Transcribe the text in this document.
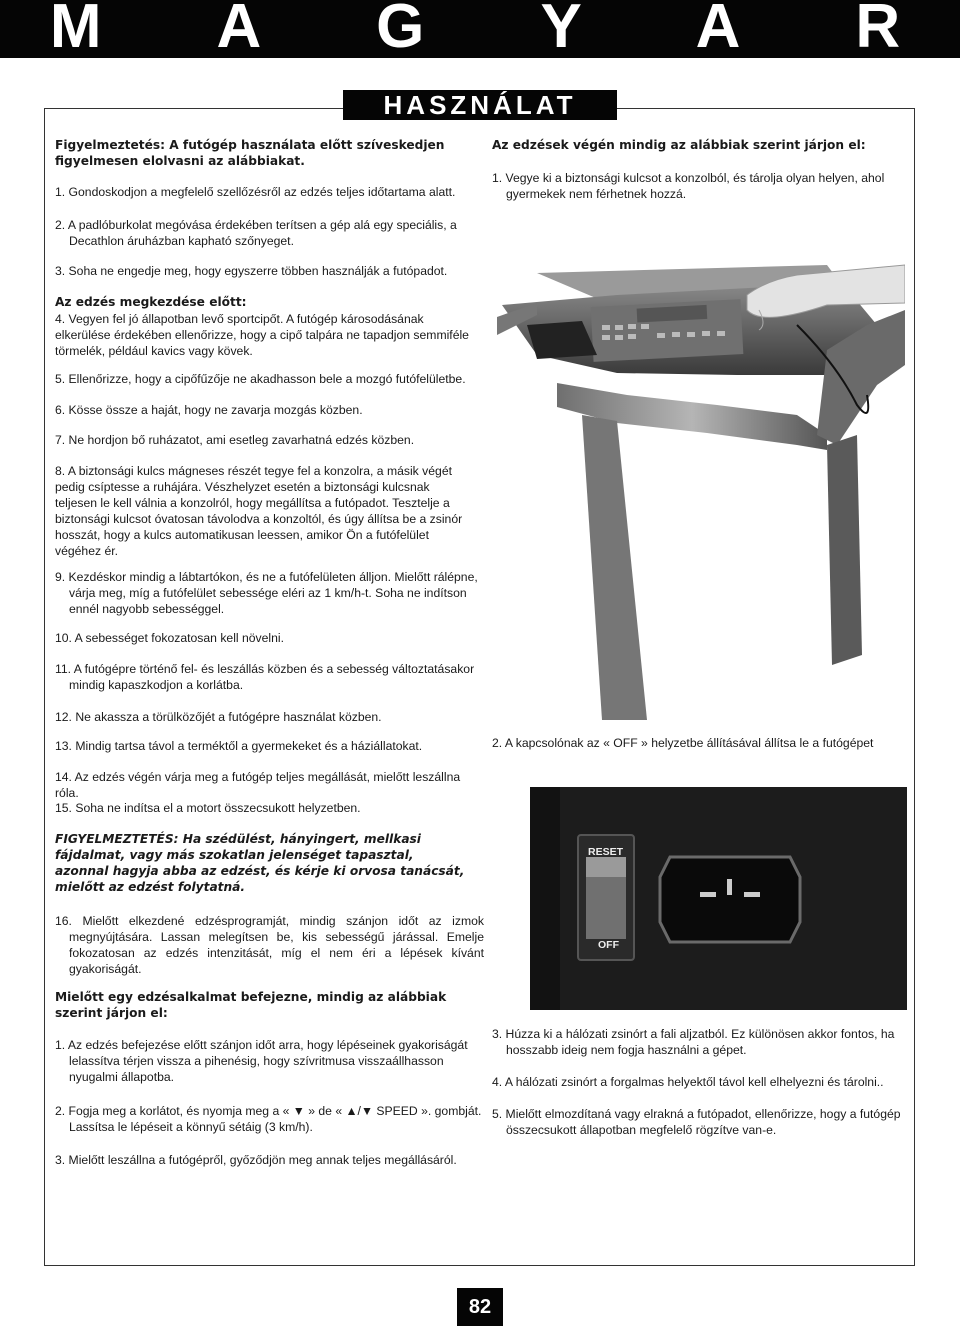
M A G Y A R
HASZNÁLAT
Figyelmeztetés: A futógép használata előtt szíveskedjen figyelmesen elolvasni az alábbiakat.
1. Gondoskodjon a megfelelő szellőzésről az edzés teljes időtartama alatt.
2. A padlóburkolat megóvása érdekében terítsen a gép alá egy speciális, a Decathlon áruházban kapható szőnyeget.
3. Soha ne engedje meg, hogy egyszerre többen használják a futópadot.
Az edzés megkezdése előtt:
4. Vegyen fel jó állapotban levő sportcipőt. A futógép károsodásának elkerülése érdekében ellenőrizze, hogy a cipő talpára ne tapadjon semmiféle törmelék, például kavics vagy kövek.
5. Ellenőrizze, hogy a cipőfűzője ne akadhasson bele a mozgó futófelületbe.
6. Kösse össze a haját, hogy ne zavarja mozgás közben.
7. Ne hordjon bő ruházatot, ami esetleg zavarhatná edzés közben.
8. A biztonsági kulcs mágneses részét tegye fel a konzolra, a másik végét pedig csíptesse a ruhájára. Vészhelyzet esetén a biztonsági kulcsnak teljesen le kell válnia a konzolról, hogy megállítsa a futópadot. Tesztelje a biztonsági kulcsot óvatosan távolodva a konzoltól, és úgy állítsa be a zsinór hosszát, hogy a kulcs automatikusan leessen, amikor Ön a futófelület végéhez ér.
9. Kezdéskor mindig a lábtartókon, és ne a futófelületen álljon. Mielőtt rálépne, várja meg, míg a futófelület sebessége eléri az 1 km/h-t. Soha ne indítson ennél nagyobb sebességgel.
10. A sebességet fokozatosan kell növelni.
11. A futógépre történő fel- és leszállás közben és a sebesség változtatásakor mindig kapaszkodjon a korlátba.
12. Ne akassza a törülközőjét a futógépre használat közben.
13. Mindig tartsa távol a terméktől a gyermekeket és a háziállatokat.
14. Az edzés végén várja meg a futógép teljes megállását, mielőtt leszállna róla.
15. Soha ne indítsa el a motort összecsukott helyzetben.
FIGYELMEZTETÉS: Ha szédülést, hányingert, mellkasi fájdalmat, vagy más szokatlan jelenséget tapasztal, azonnal hagyja abba az edzést, és kérje ki orvosa tanácsát, mielőtt az edzést folytatná.
16. Mielőtt elkezdené edzésprogramját, mindig szánjon időt az izmok megnyújtására. Lassan melegítsen be, kis sebességű járással. Emelje fokozatosan az edzés intenzitását, míg el nem éri a lépések kívánt gyakoriságát.
Mielőtt egy edzésalkalmat befejezne, mindig az alábbiak szerint járjon el:
1. Az edzés befejezése előtt szánjon időt arra, hogy lépéseinek gyakoriságát lelassítva térjen vissza a pihenésig, hogy szívritmusa visszaállhasson nyugalmi állapotba.
2. Fogja meg a korlátot, és nyomja meg a « ▼ » de « ▲/▼ SPEED ». gombját. Lassítsa le lépéseit a könnyű sétáig (3 km/h).
3. Mielőtt leszállna a futógépről, győződjön meg annak teljes megállásáról.
Az edzések végén mindig az alábbiak szerint járjon el:
1. Vegye ki a biztonsági kulcsot a konzolból, és tárolja olyan helyen, ahol gyermekek nem férhetnek hozzá.
2. A kapcsolónak az « OFF » helyzetbe állításával állítsa le a futógépet
3. Húzza ki a hálózati zsinórt a fali aljzatból. Ez különösen akkor fontos, ha hosszabb ideig nem fogja használni a gépet.
4. A hálózati zsinórt a forgalmas helyektől távol kell elhelyezni és tárolni..
5. Mielőtt elmozdítaná vagy elrakná a futópadot, ellenőrizze, hogy a futógép összecsukott állapotban megfelelő rögzítve van-e.
RESET
OFF
82
